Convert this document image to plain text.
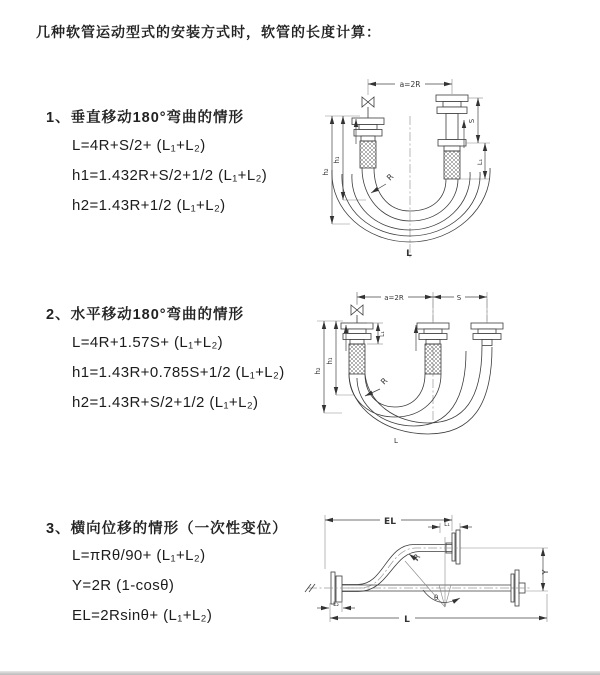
几种软管运动型式的安装方式时，软管的长度计算：
1、垂直移动180°弯曲的情形
L=4R+S/2+ (L₁+L₂)
h1=1.432R+S/2+1/2 (L₁+L₂)
h2=1.43R+1/2 (L₁+L₂)
2、水平移动180°弯曲的情形
L=4R+1.57S+ (L₁+L₂)
h1=1.43R+0.785S+1/2 (L₁+L₂)
h2=1.43R+S/2+1/2 (L₁+L₂)
3、横向位移的情形（一次性变位）
L=πRθ/90+ (L₁+L₂)
Y=2R (1-cosθ)
EL=2Rsinθ+ (L₁+L₂)
a=2R
h₂
h₁
S
L₁
R
L
a=2R	S
h₂
h₁
L₁
R
L
EL	L₁
θ
R
Y
L
L₂
